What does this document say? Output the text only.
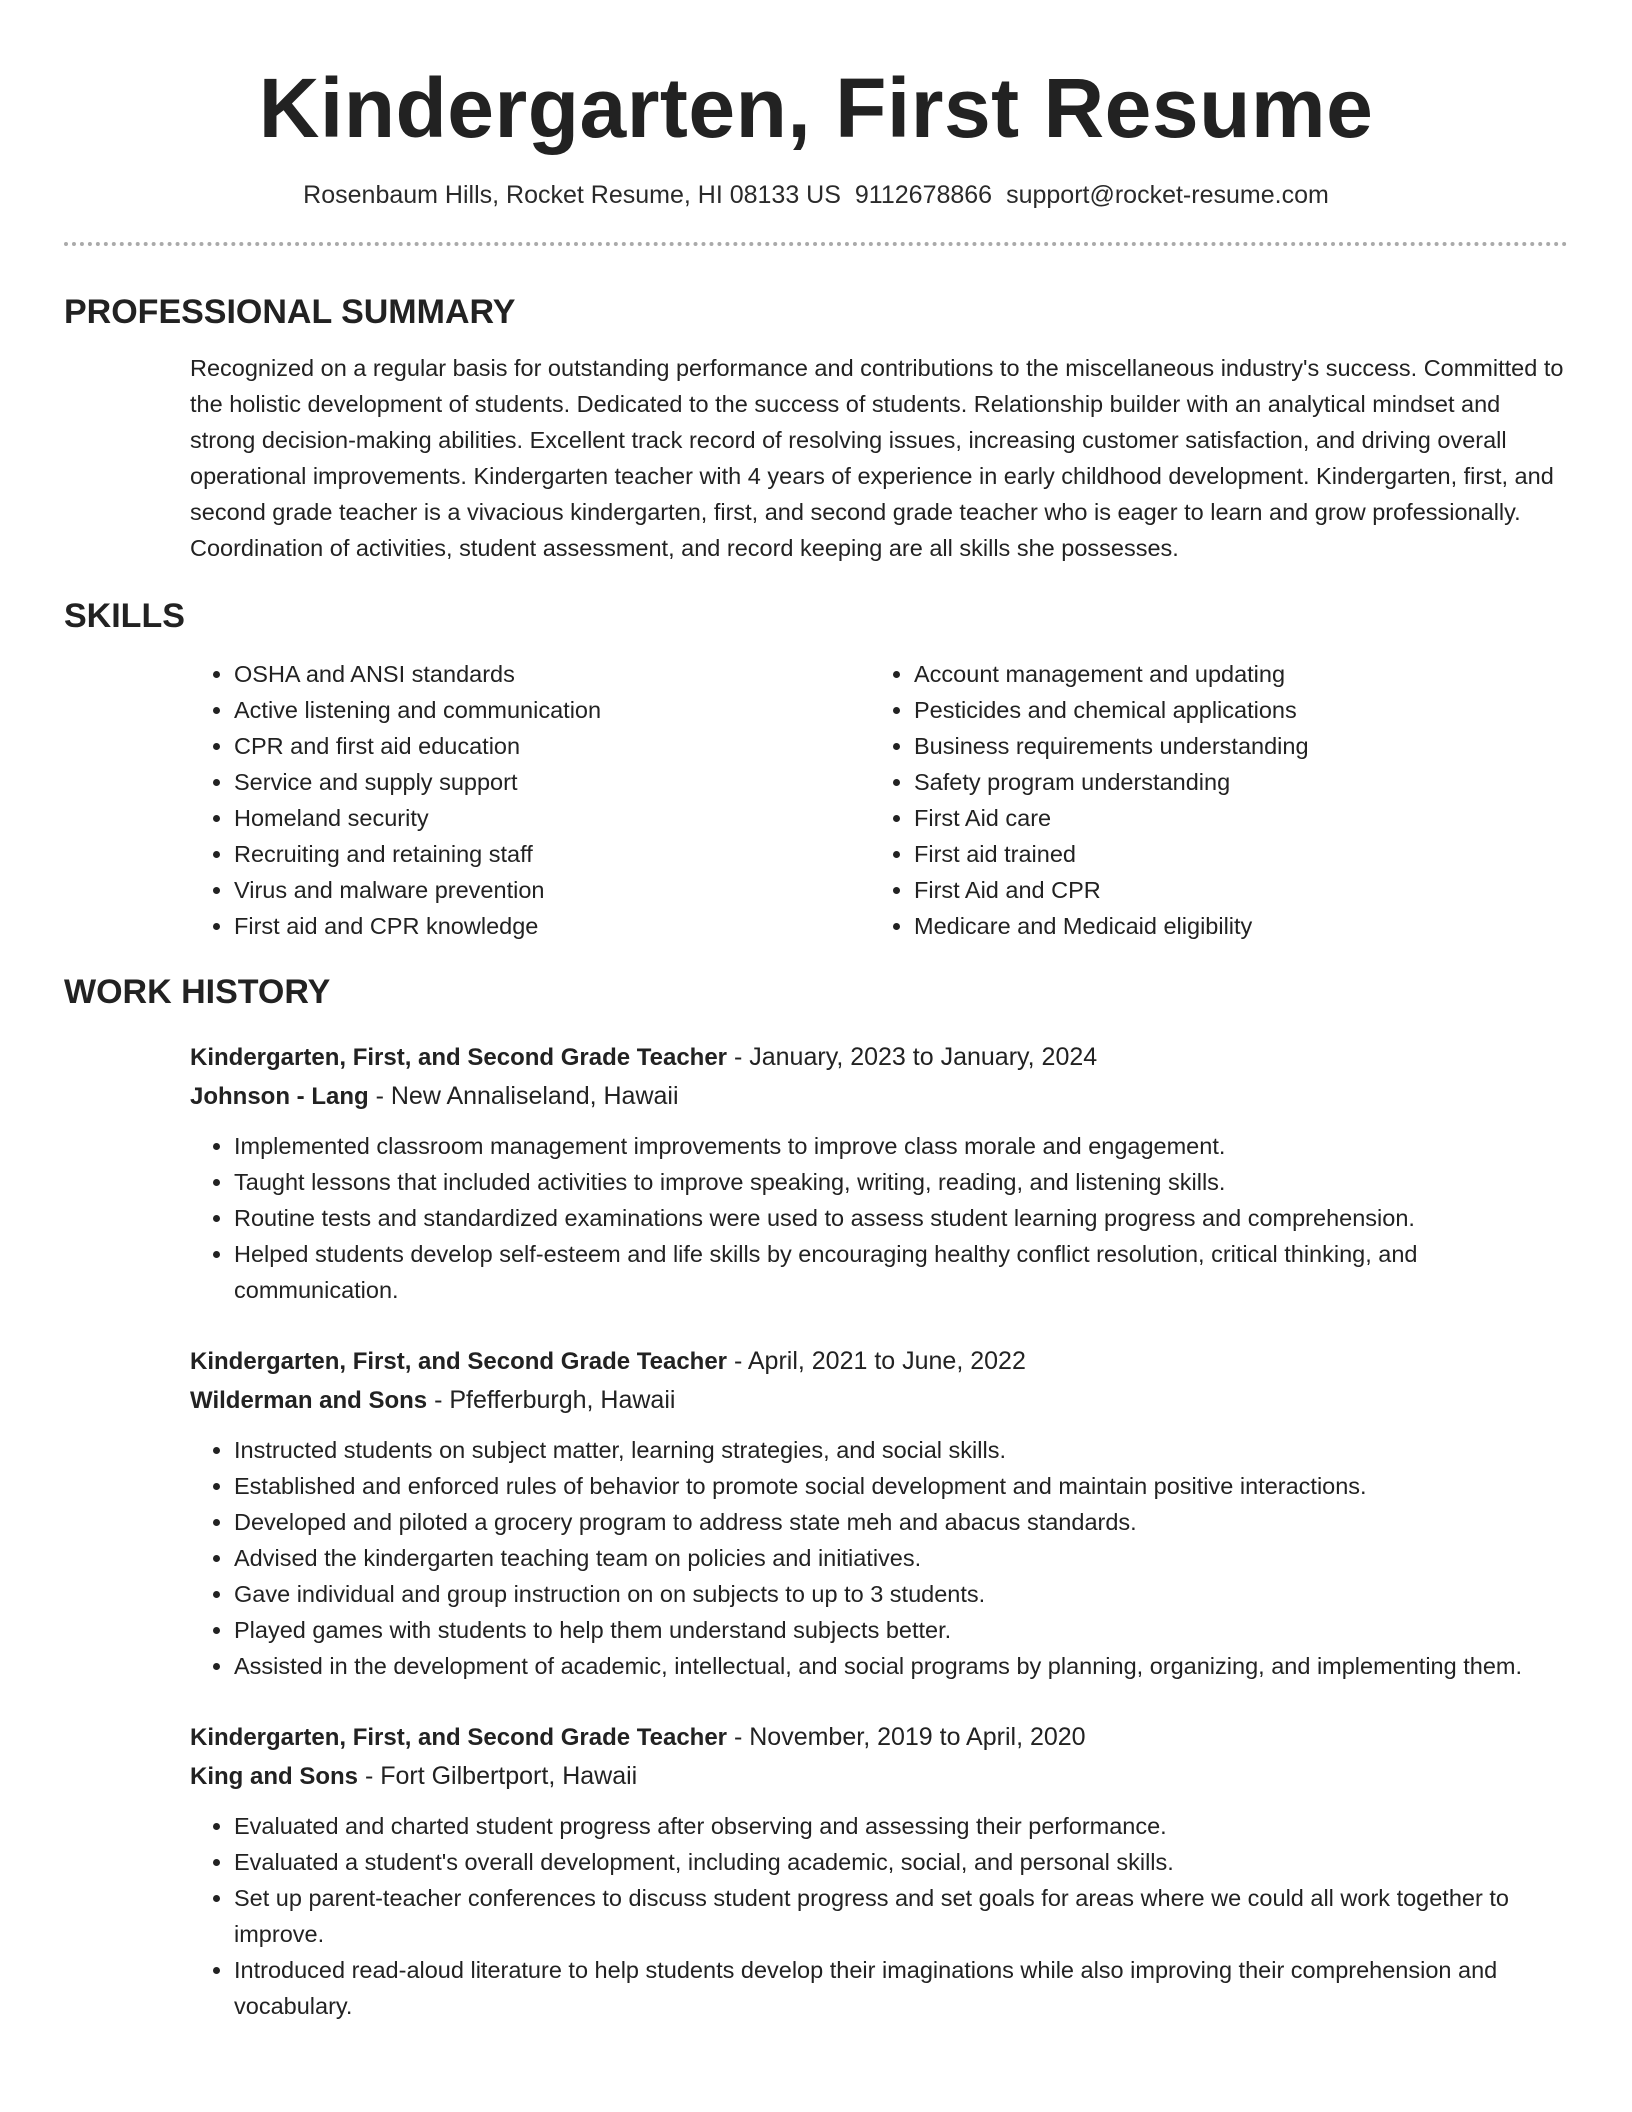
Kindergarten, First Resume
Rosenbaum Hills, Rocket Resume, HI 08133 US 9112678866 support@rocket-resume.com
PROFESSIONAL SUMMARY
Recognized on a regular basis for outstanding performance and contributions to the miscellaneous industry's success. Committed to the holistic development of students. Dedicated to the success of students. Relationship builder with an analytical mindset and strong decision-making abilities. Excellent track record of resolving issues, increasing customer satisfaction, and driving overall operational improvements. Kindergarten teacher with 4 years of experience in early childhood development. Kindergarten, first, and second grade teacher is a vivacious kindergarten, first, and second grade teacher who is eager to learn and grow professionally. Coordination of activities, student assessment, and record keeping are all skills she possesses.
SKILLS
• OSHA and ANSI standards
• Active listening and communication
• CPR and first aid education
• Service and supply support
• Homeland security
• Recruiting and retaining staff
• Virus and malware prevention
• First aid and CPR knowledge
• Account management and updating
• Pesticides and chemical applications
• Business requirements understanding
• Safety program understanding
• First Aid care
• First aid trained
• First Aid and CPR
• Medicare and Medicaid eligibility
WORK HISTORY
Kindergarten, First, and Second Grade Teacher - January, 2023 to January, 2024
Johnson - Lang - New Annaliseland, Hawaii
• Implemented classroom management improvements to improve class morale and engagement.
• Taught lessons that included activities to improve speaking, writing, reading, and listening skills.
• Routine tests and standardized examinations were used to assess student learning progress and comprehension.
• Helped students develop self-esteem and life skills by encouraging healthy conflict resolution, critical thinking, and communication.
Kindergarten, First, and Second Grade Teacher - April, 2021 to June, 2022
Wilderman and Sons - Pfefferburgh, Hawaii
• Instructed students on subject matter, learning strategies, and social skills.
• Established and enforced rules of behavior to promote social development and maintain positive interactions.
• Developed and piloted a grocery program to address state meh and abacus standards.
• Advised the kindergarten teaching team on policies and initiatives.
• Gave individual and group instruction on on subjects to up to 3 students.
• Played games with students to help them understand subjects better.
• Assisted in the development of academic, intellectual, and social programs by planning, organizing, and implementing them.
Kindergarten, First, and Second Grade Teacher - November, 2019 to April, 2020
King and Sons - Fort Gilbertport, Hawaii
• Evaluated and charted student progress after observing and assessing their performance.
• Evaluated a student's overall development, including academic, social, and personal skills.
• Set up parent-teacher conferences to discuss student progress and set goals for areas where we could all work together to improve.
• Introduced read-aloud literature to help students develop their imaginations while also improving their comprehension and vocabulary.
